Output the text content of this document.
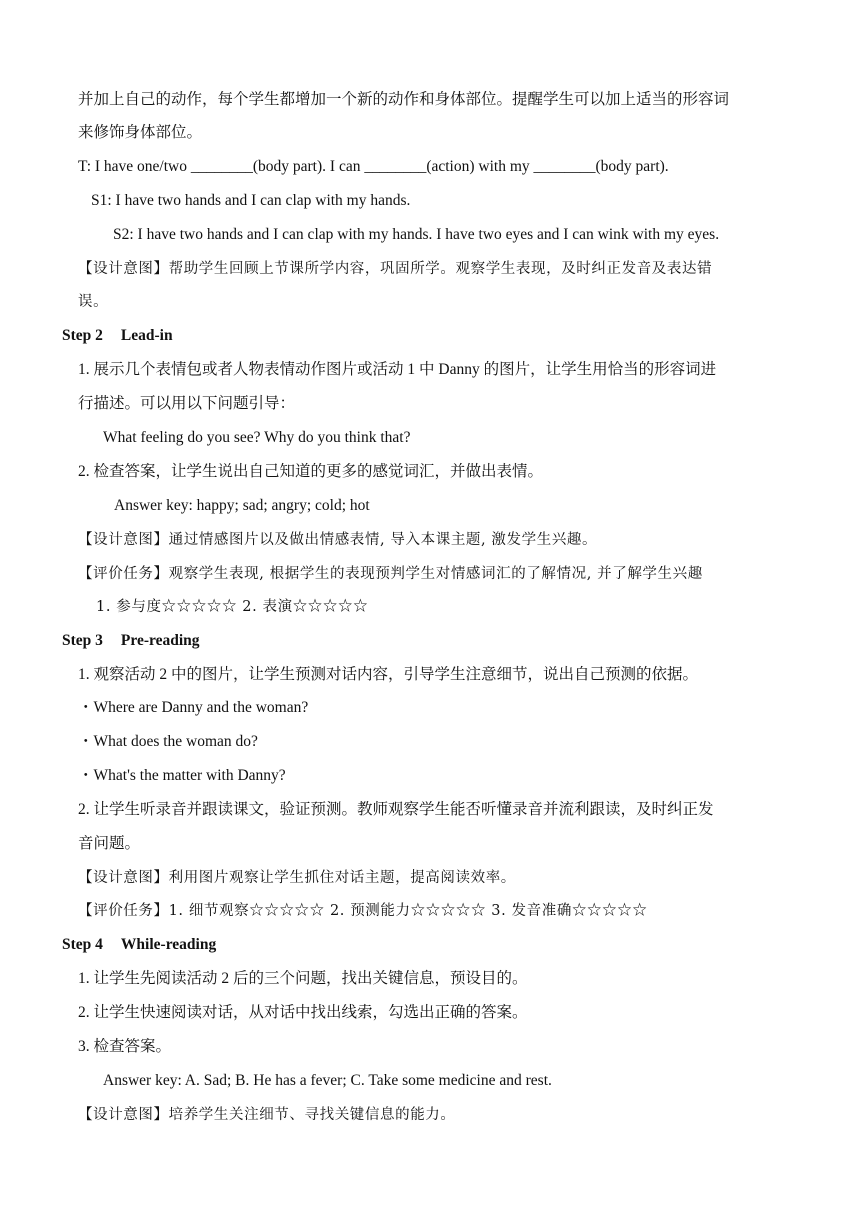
并加上自己的动作，每个学生都增加一个新的动作和身体部位。提醒学生可以加上适当的形容词
来修饰身体部位。
T: I have one/two ________(body part). I can ________(action) with my ________(body part).
S1: I have two hands and I can clap with my hands.
S2: I have two hands and I can clap with my hands. I have two eyes and I can wink with my eyes.
【设计意图】帮助学生回顾上节课所学内容，巩固所学。观察学生表现，及时纠正发音及表达错
误。
Step 2 Lead-in
1. 展示几个表情包或者人物表情动作图片或活动 1 中 Danny 的图片，让学生用恰当的形容词进
行描述。可以用以下问题引导：
What feeling do you see? Why do you think that?
2. 检查答案，让学生说出自己知道的更多的感觉词汇，并做出表情。
Answer key: happy; sad; angry; cold; hot
【设计意图】通过情感图片以及做出情感表情, 导入本课主题, 激发学生兴趣。
【评价任务】观察学生表现, 根据学生的表现预判学生对情感词汇的了解情况, 并了解学生兴趣
1. 参与度☆☆☆☆☆ 2. 表演☆☆☆☆☆
Step 3 Pre-reading
1. 观察活动 2 中的图片，让学生预测对话内容，引导学生注意细节，说出自己预测的依据。
・Where are Danny and the woman?
・What does the woman do?
・What's the matter with Danny?
2. 让学生听录音并跟读课文，验证预测。教师观察学生能否听懂录音并流利跟读，及时纠正发
音问题。
【设计意图】利用图片观察让学生抓住对话主题，提高阅读效率。
【评价任务】1. 细节观察☆☆☆☆☆ 2. 预测能力☆☆☆☆☆ 3. 发音准确☆☆☆☆☆
Step 4 While-reading
1. 让学生先阅读活动 2 后的三个问题，找出关键信息，预设目的。
2. 让学生快速阅读对话，从对话中找出线索，勾选出正确的答案。
3. 检查答案。
Answer key: A. Sad; B. He has a fever; C. Take some medicine and rest.
【设计意图】培养学生关注细节、寻找关键信息的能力。
